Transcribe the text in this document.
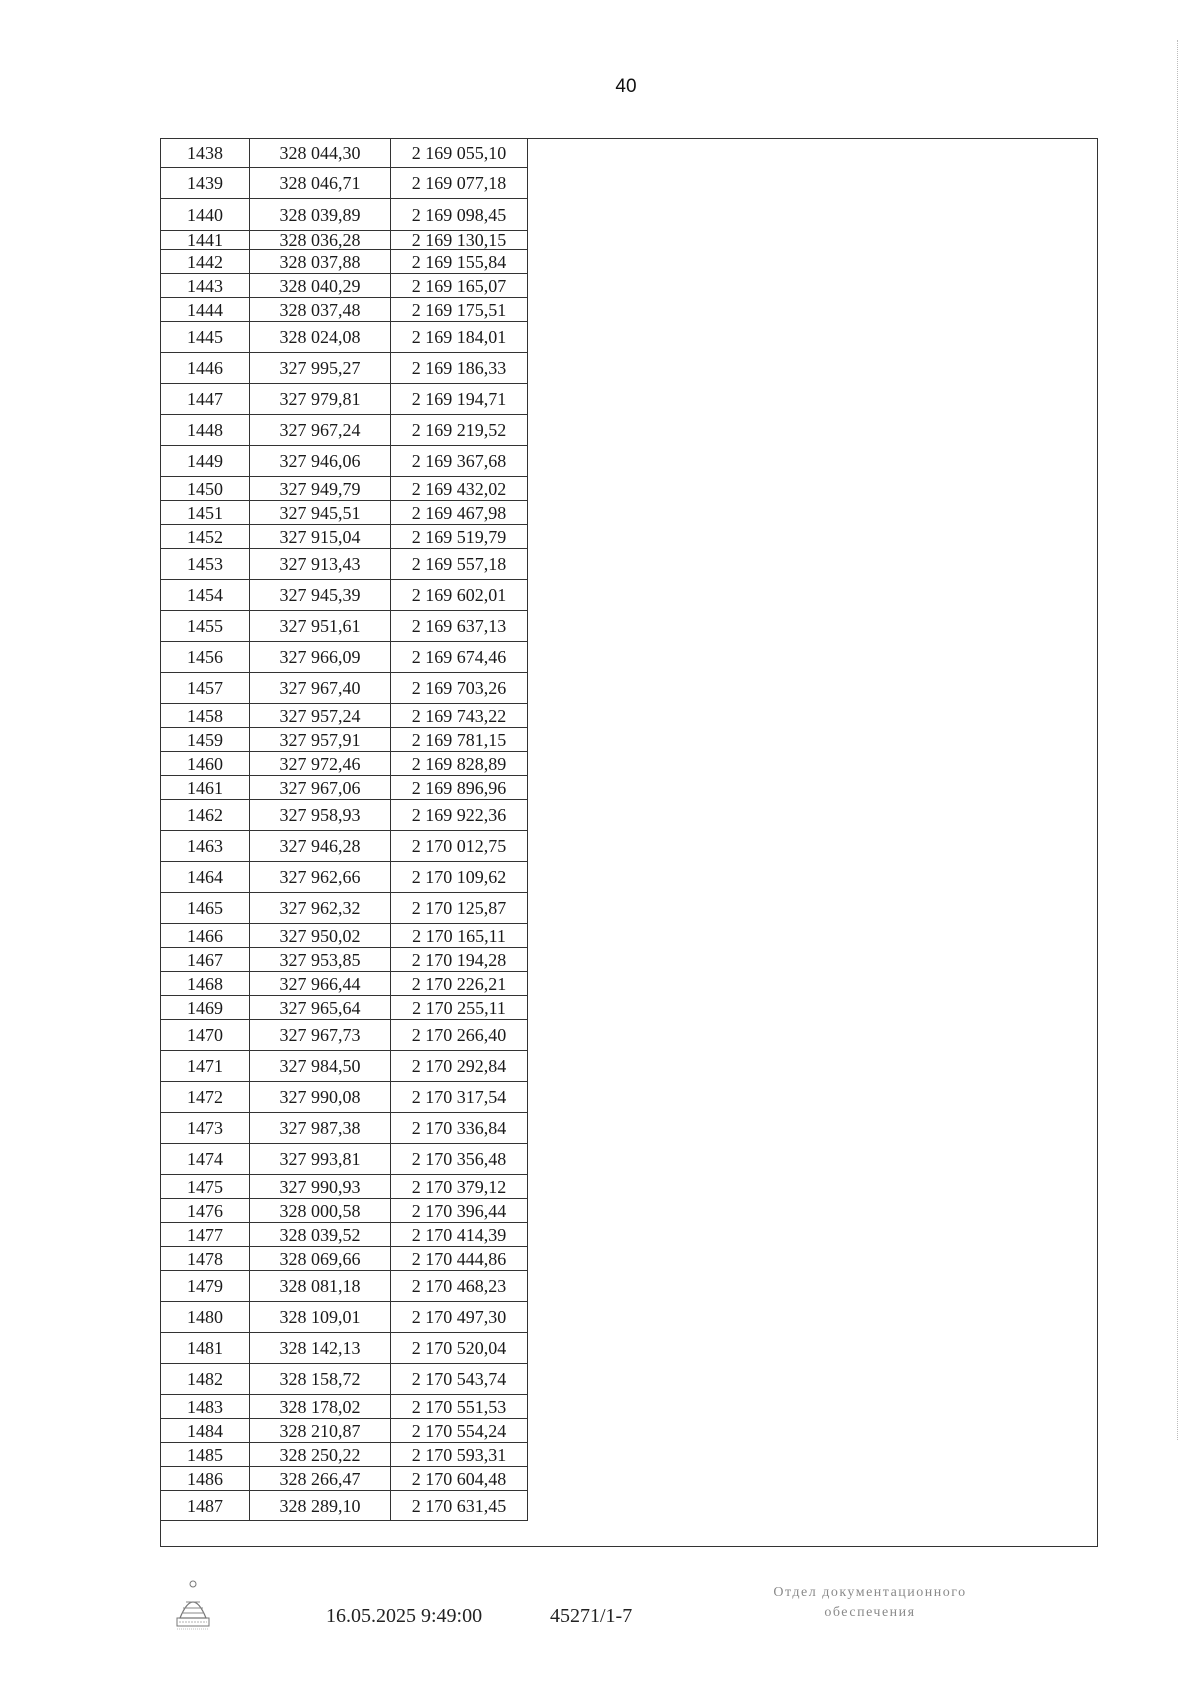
40
1438	328 044,30	2 169 055,10
1439	328 046,71	2 169 077,18
1440	328 039,89	2 169 098,45
1441	328 036,28	2 169 130,15
1442	328 037,88	2 169 155,84
1443	328 040,29	2 169 165,07
1444	328 037,48	2 169 175,51
1445	328 024,08	2 169 184,01
1446	327 995,27	2 169 186,33
1447	327 979,81	2 169 194,71
1448	327 967,24	2 169 219,52
1449	327 946,06	2 169 367,68
1450	327 949,79	2 169 432,02
1451	327 945,51	2 169 467,98
1452	327 915,04	2 169 519,79
1453	327 913,43	2 169 557,18
1454	327 945,39	2 169 602,01
1455	327 951,61	2 169 637,13
1456	327 966,09	2 169 674,46
1457	327 967,40	2 169 703,26
1458	327 957,24	2 169 743,22
1459	327 957,91	2 169 781,15
1460	327 972,46	2 169 828,89
1461	327 967,06	2 169 896,96
1462	327 958,93	2 169 922,36
1463	327 946,28	2 170 012,75
1464	327 962,66	2 170 109,62
1465	327 962,32	2 170 125,87
1466	327 950,02	2 170 165,11
1467	327 953,85	2 170 194,28
1468	327 966,44	2 170 226,21
1469	327 965,64	2 170 255,11
1470	327 967,73	2 170 266,40
1471	327 984,50	2 170 292,84
1472	327 990,08	2 170 317,54
1473	327 987,38	2 170 336,84
1474	327 993,81	2 170 356,48
1475	327 990,93	2 170 379,12
1476	328 000,58	2 170 396,44
1477	328 039,52	2 170 414,39
1478	328 069,66	2 170 444,86
1479	328 081,18	2 170 468,23
1480	328 109,01	2 170 497,30
1481	328 142,13	2 170 520,04
1482	328 158,72	2 170 543,74
1483	328 178,02	2 170 551,53
1484	328 210,87	2 170 554,24
1485	328 250,22	2 170 593,31
1486	328 266,47	2 170 604,48
1487	328 289,10	2 170 631,45
16.05.2025 9:49:00	45271/1-7
Отдел документационного
обеспечения
